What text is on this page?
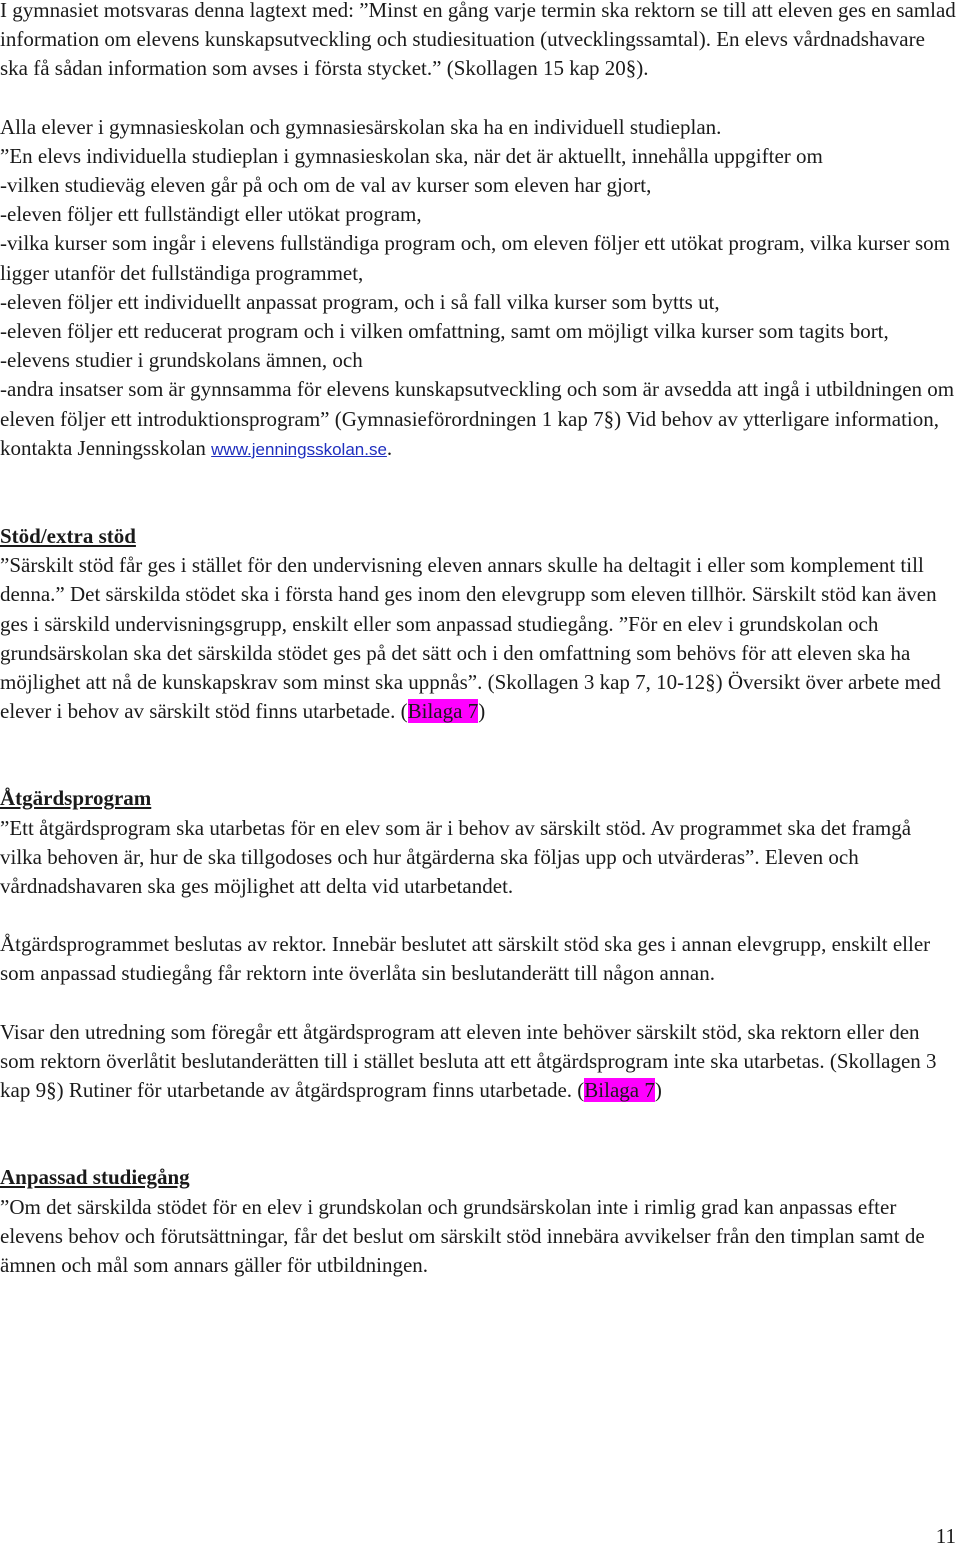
I gymnasiet motsvaras denna lagtext med: ”Minst en gång varje termin ska rektorn se till att eleven ges en samlad information om elevens kunskapsutveckling och studiesituation (utvecklingssamtal). En elevs vårdnadshavare ska få sådan information som avses i första stycket.” (Skollagen 15 kap 20§).

Alla elever i gymnasieskolan och gymnasiesärskolan ska ha en individuell studieplan.

”En elevs individuella studieplan i gymnasieskolan ska, när det är aktuellt, innehålla uppgifter om

-vilken studieväg eleven går på och om de val av kurser som eleven har gjort,

-eleven följer ett fullständigt eller utökat program,

-vilka kurser som ingår i elevens fullständiga program och, om eleven följer ett utökat program, vilka kurser som ligger utanför det fullständiga programmet,

-eleven följer ett individuellt anpassat program, och i så fall vilka kurser som bytts ut,

-eleven följer ett reducerat program och i vilken omfattning, samt om möjligt vilka kurser som tagits bort,

-elevens studier i grundskolans ämnen, och

-andra insatser som är gynnsamma för elevens kunskapsutveckling och som är avsedda att ingå i utbildningen om eleven följer ett introduktionsprogram” (Gymnasieförordningen 1 kap 7§) Vid behov av ytterligare information, kontakta Jenningsskolan www.jenningsskolan.se.

Stöd/extra stöd

”Särskilt stöd får ges i stället för den undervisning eleven annars skulle ha deltagit i eller som komplement till denna.” Det särskilda stödet ska i första hand ges inom den elevgrupp som eleven tillhör. Särskilt stöd kan även ges i särskild undervisningsgrupp, enskilt eller som anpassad studiegång. ”För en elev i grundskolan och grundsärskolan ska det särskilda stödet ges på det sätt och i den omfattning som behövs för att eleven ska ha möjlighet att nå de kunskapskrav som minst ska uppnås”. (Skollagen 3 kap 7, 10-12§) Översikt över arbete med elever i behov av särskilt stöd finns utarbetade. (Bilaga 7)

Åtgärdsprogram

”Ett åtgärdsprogram ska utarbetas för en elev som är i behov av särskilt stöd. Av programmet ska det framgå vilka behoven är, hur de ska tillgodoses och hur åtgärderna ska följas upp och utvärderas”. Eleven och vårdnadshavaren ska ges möjlighet att delta vid utarbetandet.

Åtgärdsprogrammet beslutas av rektor. Innebär beslutet att särskilt stöd ska ges i annan elevgrupp, enskilt eller som anpassad studiegång får rektorn inte överlåta sin beslutanderätt till någon annan.

Visar den utredning som föregår ett åtgärdsprogram att eleven inte behöver särskilt stöd, ska rektorn eller den som rektorn överlåtit beslutanderätten till i stället besluta att ett åtgärdsprogram inte ska utarbetas. (Skollagen 3 kap 9§) Rutiner för utarbetande av åtgärdsprogram finns utarbetade. (Bilaga 7)

Anpassad studiegång

”Om det särskilda stödet för en elev i grundskolan och grundsärskolan inte i rimlig grad kan anpassas efter elevens behov och förutsättningar, får det beslut om särskilt stöd innebära avvikelser från den timplan samt de ämnen och mål som annars gäller för utbildningen.

11
